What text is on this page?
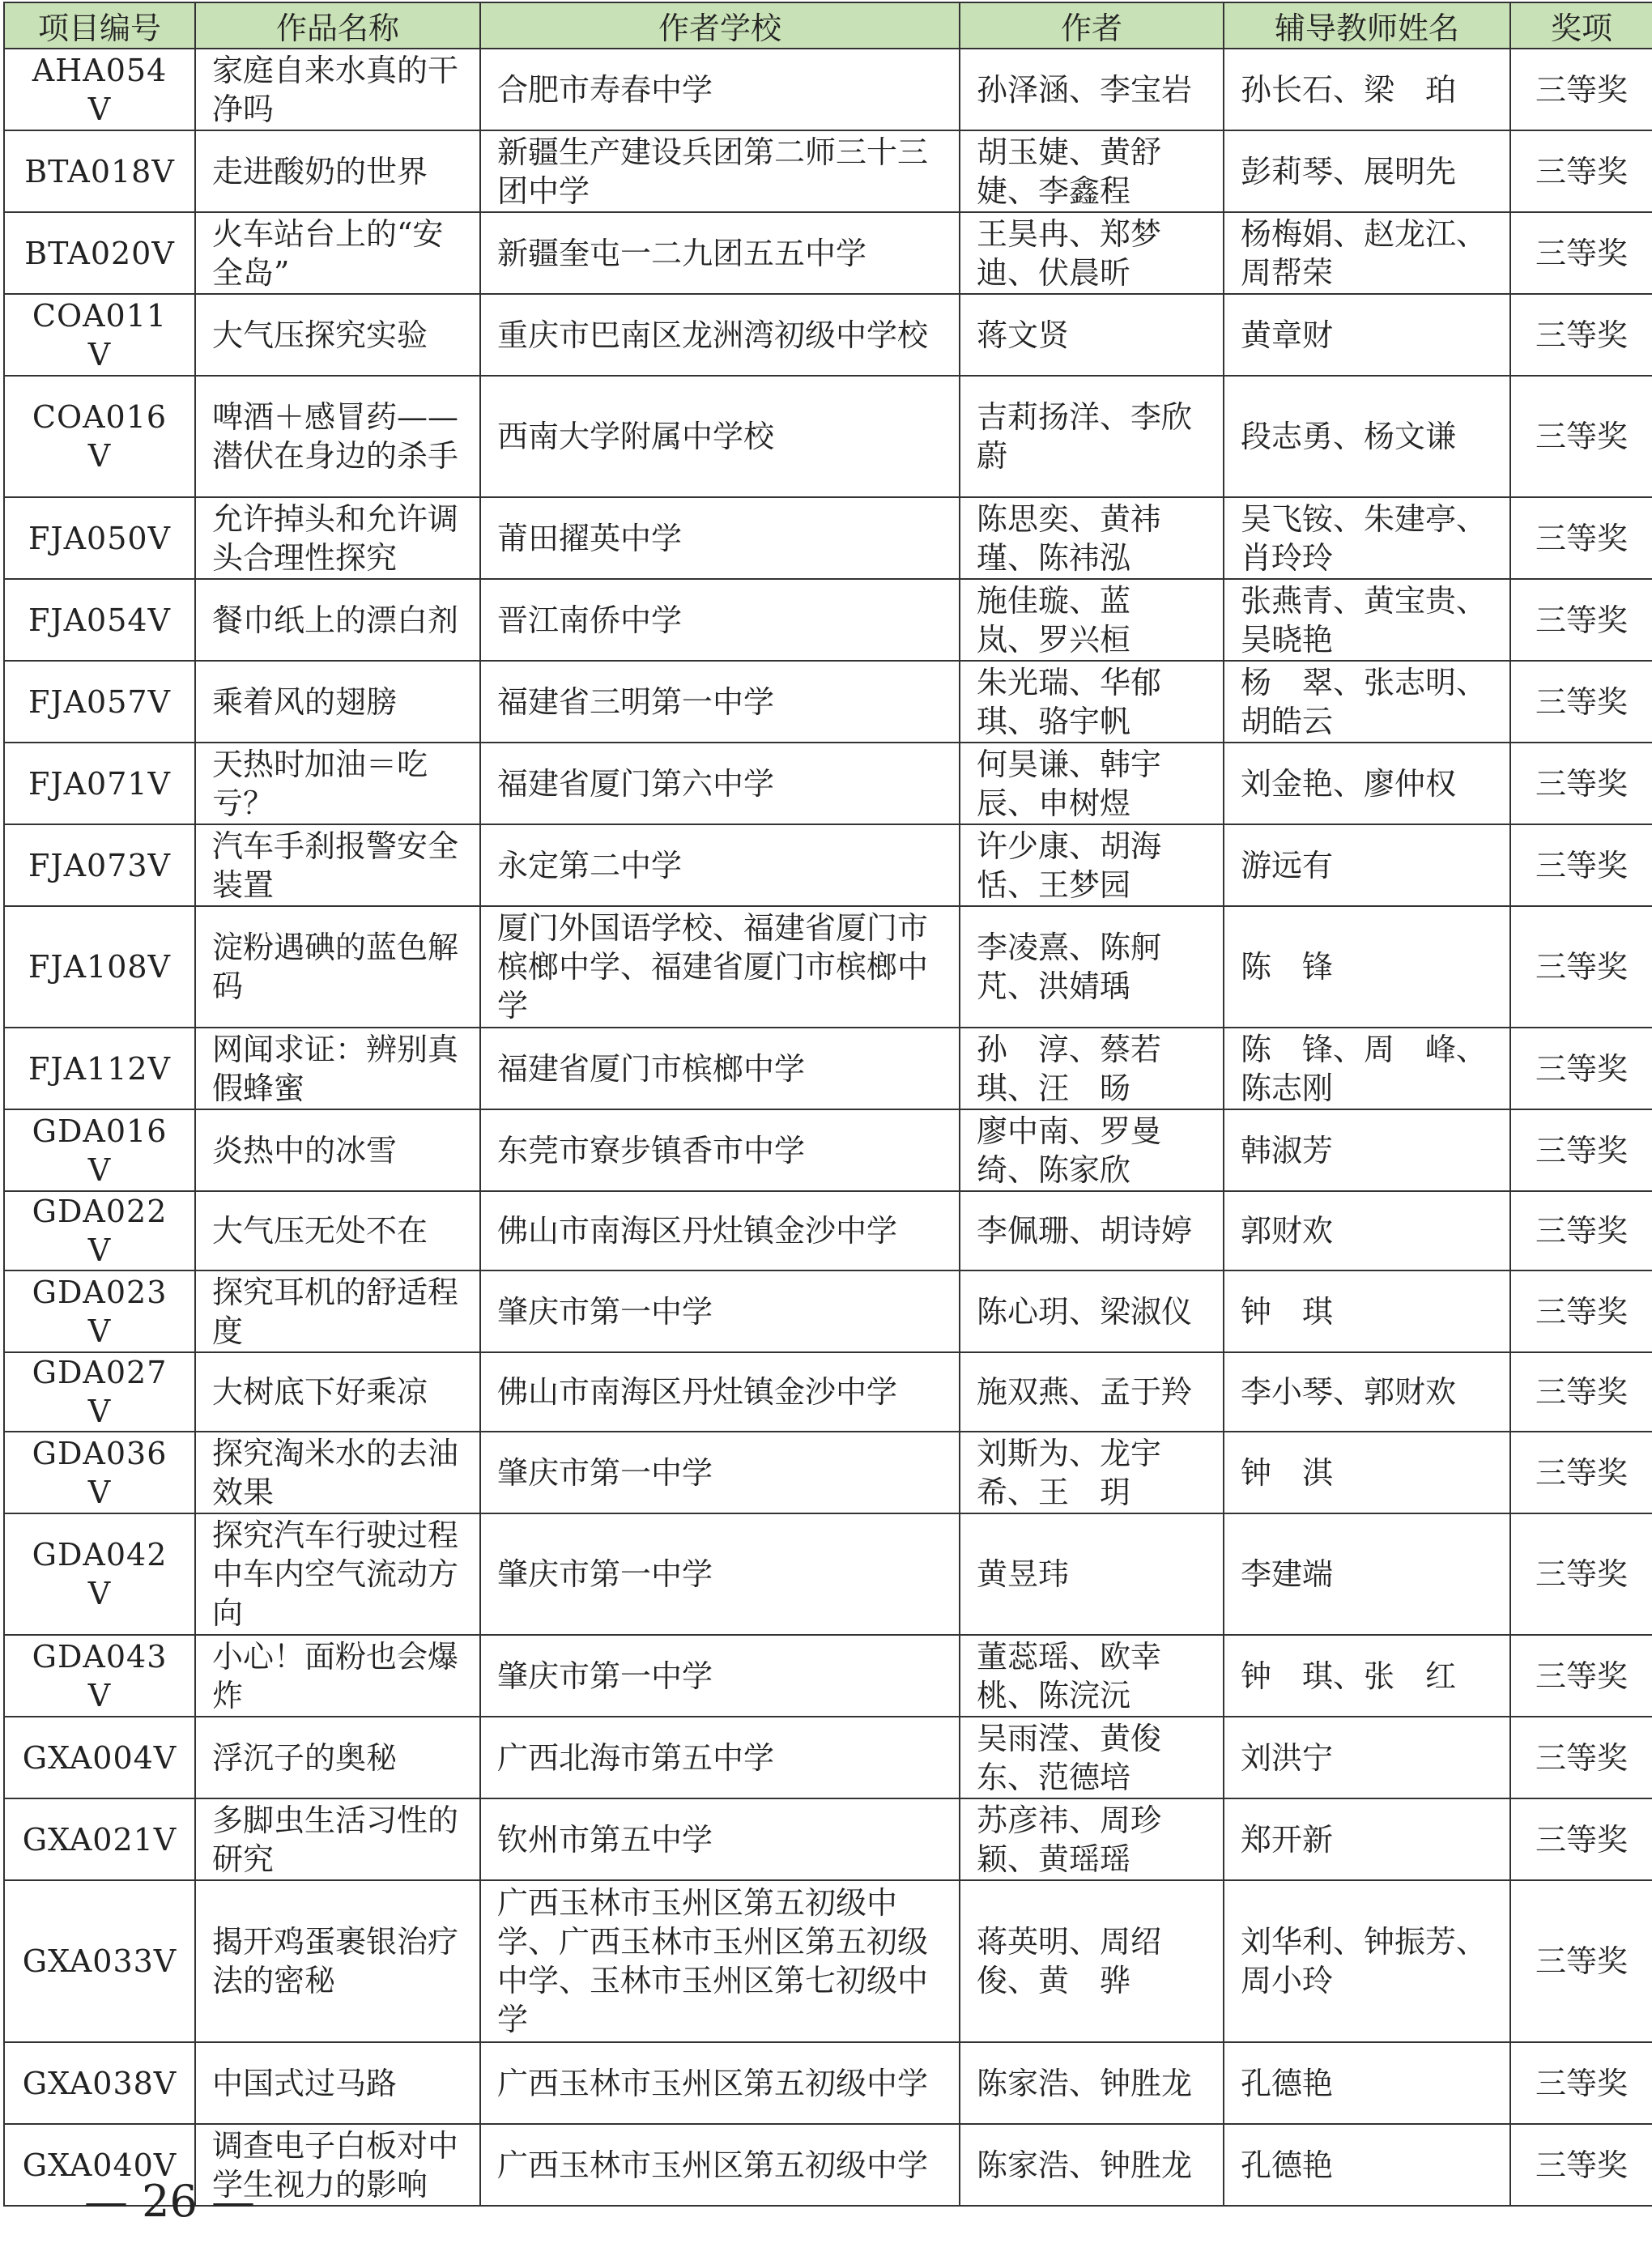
项目编号	作品名称	作者学校	作者	辅导教师姓名	奖项
AHA054V	家庭自来水真的干净吗	合肥市寿春中学	孙泽涵、李宝岩	孙长石、梁　珀	三等奖
BTA018V	走进酸奶的世界	新疆生产建设兵团第二师三十三团中学	胡玉婕、黄舒婕、李鑫程	彭莉琴、展明先	三等奖
BTA020V	火车站台上的“安全岛”	新疆奎屯一二九团五五中学	王昊冉、郑梦迪、伏晨昕	杨梅娟、赵龙江、周帮荣	三等奖
COA011V	大气压探究实验	重庆市巴南区龙洲湾初级中学校	蒋文贤	黄章财	三等奖
COA016V	啤酒＋感冒药——潜伏在身边的杀手	西南大学附属中学校	吉莉扬洋、李欣蔚	段志勇、杨文谦	三等奖
FJA050V	允许掉头和允许调头合理性探究	莆田擢英中学	陈思奕、黄祎瑾、陈祎泓	吴飞铵、朱建亭、肖玲玲	三等奖
FJA054V	餐巾纸上的漂白剂	晋江南侨中学	施佳璇、蓝　岚、罗兴桓	张燕青、黄宝贵、吴晓艳	三等奖
FJA057V	乘着风的翅膀	福建省三明第一中学	朱光瑞、华郁琪、骆宇帆	杨　翠、张志明、胡皓云	三等奖
FJA071V	天热时加油＝吃亏？	福建省厦门第六中学	何昊谦、韩宇辰、申树煜	刘金艳、廖仲权	三等奖
FJA073V	汽车手刹报警安全装置	永定第二中学	许少康、胡海恬、王梦园	游远有	三等奖
FJA108V	淀粉遇碘的蓝色解码	厦门外国语学校、福建省厦门市槟榔中学、福建省厦门市槟榔中学	李凌熹、陈舸芃、洪婧瑀	陈　锋	三等奖
FJA112V	网闻求证：辨别真假蜂蜜	福建省厦门市槟榔中学	孙　淳、蔡若琪、汪　旸	陈　锋、周　峰、陈志刚	三等奖
GDA016V	炎热中的冰雪	东莞市寮步镇香市中学	廖中南、罗曼绮、陈家欣	韩淑芳	三等奖
GDA022V	大气压无处不在	佛山市南海区丹灶镇金沙中学	李佩珊、胡诗婷	郭财欢	三等奖
GDA023V	探究耳机的舒适程度	肇庆市第一中学	陈心玥、梁淑仪	钟　琪	三等奖
GDA027V	大树底下好乘凉	佛山市南海区丹灶镇金沙中学	施双燕、孟于羚	李小琴、郭财欢	三等奖
GDA036V	探究淘米水的去油效果	肇庆市第一中学	刘斯为、龙宇希、王　玥	钟　淇	三等奖
GDA042V	探究汽车行驶过程中车内空气流动方向	肇庆市第一中学	黄昱玮	李建端	三等奖
GDA043V	小心！面粉也会爆炸	肇庆市第一中学	董蕊瑶、欧幸桃、陈浣沅	钟　琪、张　红	三等奖
GXA004V	浮沉子的奥秘	广西北海市第五中学	吴雨滢、黄俊东、范德培	刘洪宁	三等奖
GXA021V	多脚虫生活习性的研究	钦州市第五中学	苏彦祎、周珍颖、黄瑶瑶	郑开新	三等奖
GXA033V	揭开鸡蛋裹银治疗法的密秘	广西玉林市玉州区第五初级中学、广西玉林市玉州区第五初级中学、玉林市玉州区第七初级中学	蒋英明、周绍俊、黄　骅	刘华利、钟振芳、周小玲	三等奖
GXA038V	中国式过马路	广西玉林市玉州区第五初级中学	陈家浩、钟胜龙	孔德艳	三等奖
GXA040V	调查电子白板对中学生视力的影响	广西玉林市玉州区第五初级中学	陈家浩、钟胜龙	孔德艳	三等奖
— 26 —
